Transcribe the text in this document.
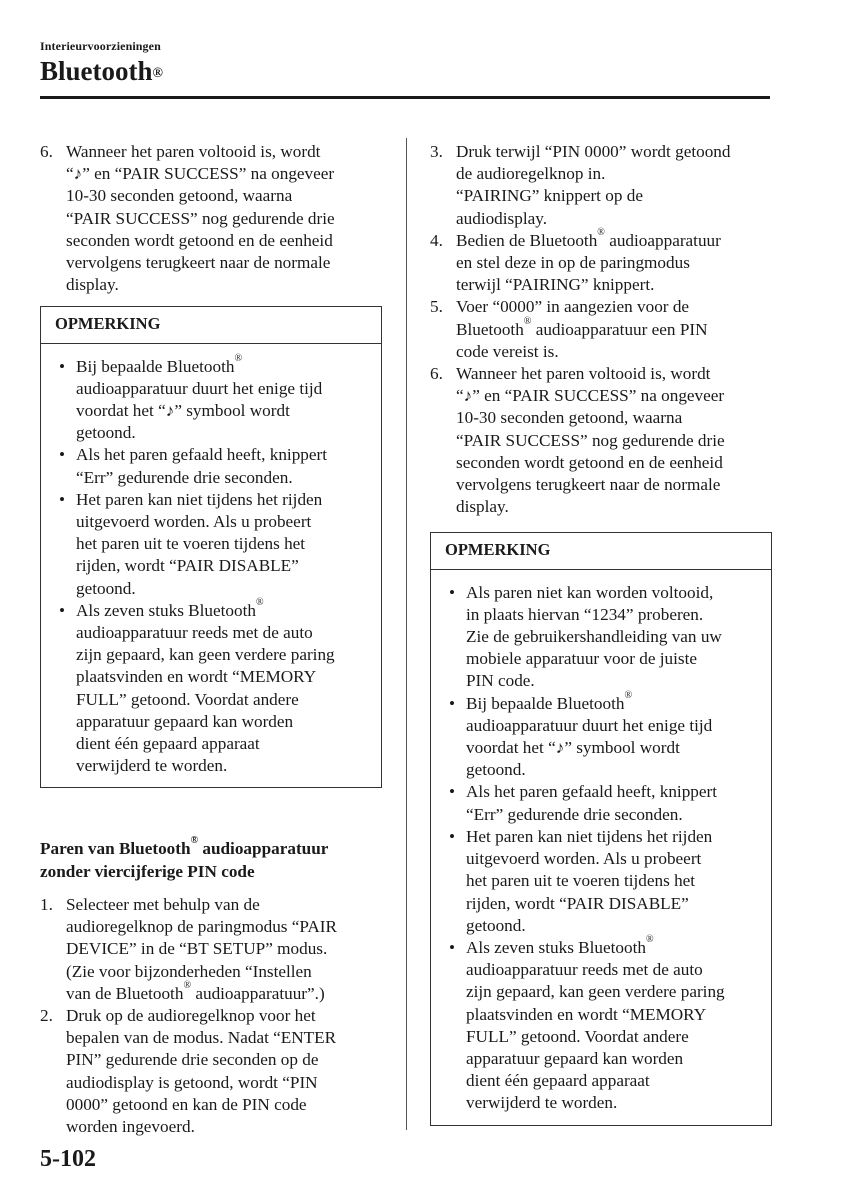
Interieurvoorzieningen
Bluetooth®
6. Wanneer het paren voltooid is, wordt
“♪” en “PAIR SUCCESS” na ongeveer
10-30 seconden getoond, waarna
“PAIR SUCCESS” nog gedurende drie
seconden wordt getoond en de eenheid
vervolgens terugkeert naar de normale
display.
OPMERKING
• Bij bepaalde Bluetooth®
audioapparatuur duurt het enige tijd
voordat het “♪” symbool wordt
getoond.
• Als het paren gefaald heeft, knippert
“Err” gedurende drie seconden.
• Het paren kan niet tijdens het rijden
uitgevoerd worden. Als u probeert
het paren uit te voeren tijdens het
rijden, wordt “PAIR DISABLE”
getoond.
• Als zeven stuks Bluetooth®
audioapparatuur reeds met de auto
zijn gepaard, kan geen verdere paring
plaatsvinden en wordt “MEMORY
FULL” getoond. Voordat andere
apparatuur gepaard kan worden
dient één gepaard apparaat
verwijderd te worden.
Paren van Bluetooth® audioapparatuur
zonder viercijferige PIN code
1. Selecteer met behulp van de
audioregelknop de paringmodus “PAIR
DEVICE” in de “BT SETUP” modus.
(Zie voor bijzonderheden “Instellen
van de Bluetooth® audioapparatuur”.)
2. Druk op de audioregelknop voor het
bepalen van de modus. Nadat “ENTER
PIN” gedurende drie seconden op de
audiodisplay is getoond, wordt “PIN
0000” getoond en kan de PIN code
worden ingevoerd.
3. Druk terwijl “PIN 0000” wordt getoond
de audioregelknop in.
“PAIRING” knippert op de
audiodisplay.
4. Bedien de Bluetooth® audioapparatuur
en stel deze in op de paringmodus
terwijl “PAIRING” knippert.
5. Voer “0000” in aangezien voor de
Bluetooth® audioapparatuur een PIN
code vereist is.
6. Wanneer het paren voltooid is, wordt
“♪” en “PAIR SUCCESS” na ongeveer
10-30 seconden getoond, waarna
“PAIR SUCCESS” nog gedurende drie
seconden wordt getoond en de eenheid
vervolgens terugkeert naar de normale
display.
OPMERKING
• Als paren niet kan worden voltooid,
in plaats hiervan “1234” proberen.
Zie de gebruikershandleiding van uw
mobiele apparatuur voor de juiste
PIN code.
• Bij bepaalde Bluetooth®
audioapparatuur duurt het enige tijd
voordat het “♪” symbool wordt
getoond.
• Als het paren gefaald heeft, knippert
“Err” gedurende drie seconden.
• Het paren kan niet tijdens het rijden
uitgevoerd worden. Als u probeert
het paren uit te voeren tijdens het
rijden, wordt “PAIR DISABLE”
getoond.
• Als zeven stuks Bluetooth®
audioapparatuur reeds met de auto
zijn gepaard, kan geen verdere paring
plaatsvinden en wordt “MEMORY
FULL” getoond. Voordat andere
apparatuur gepaard kan worden
dient één gepaard apparaat
verwijderd te worden.
5-102
